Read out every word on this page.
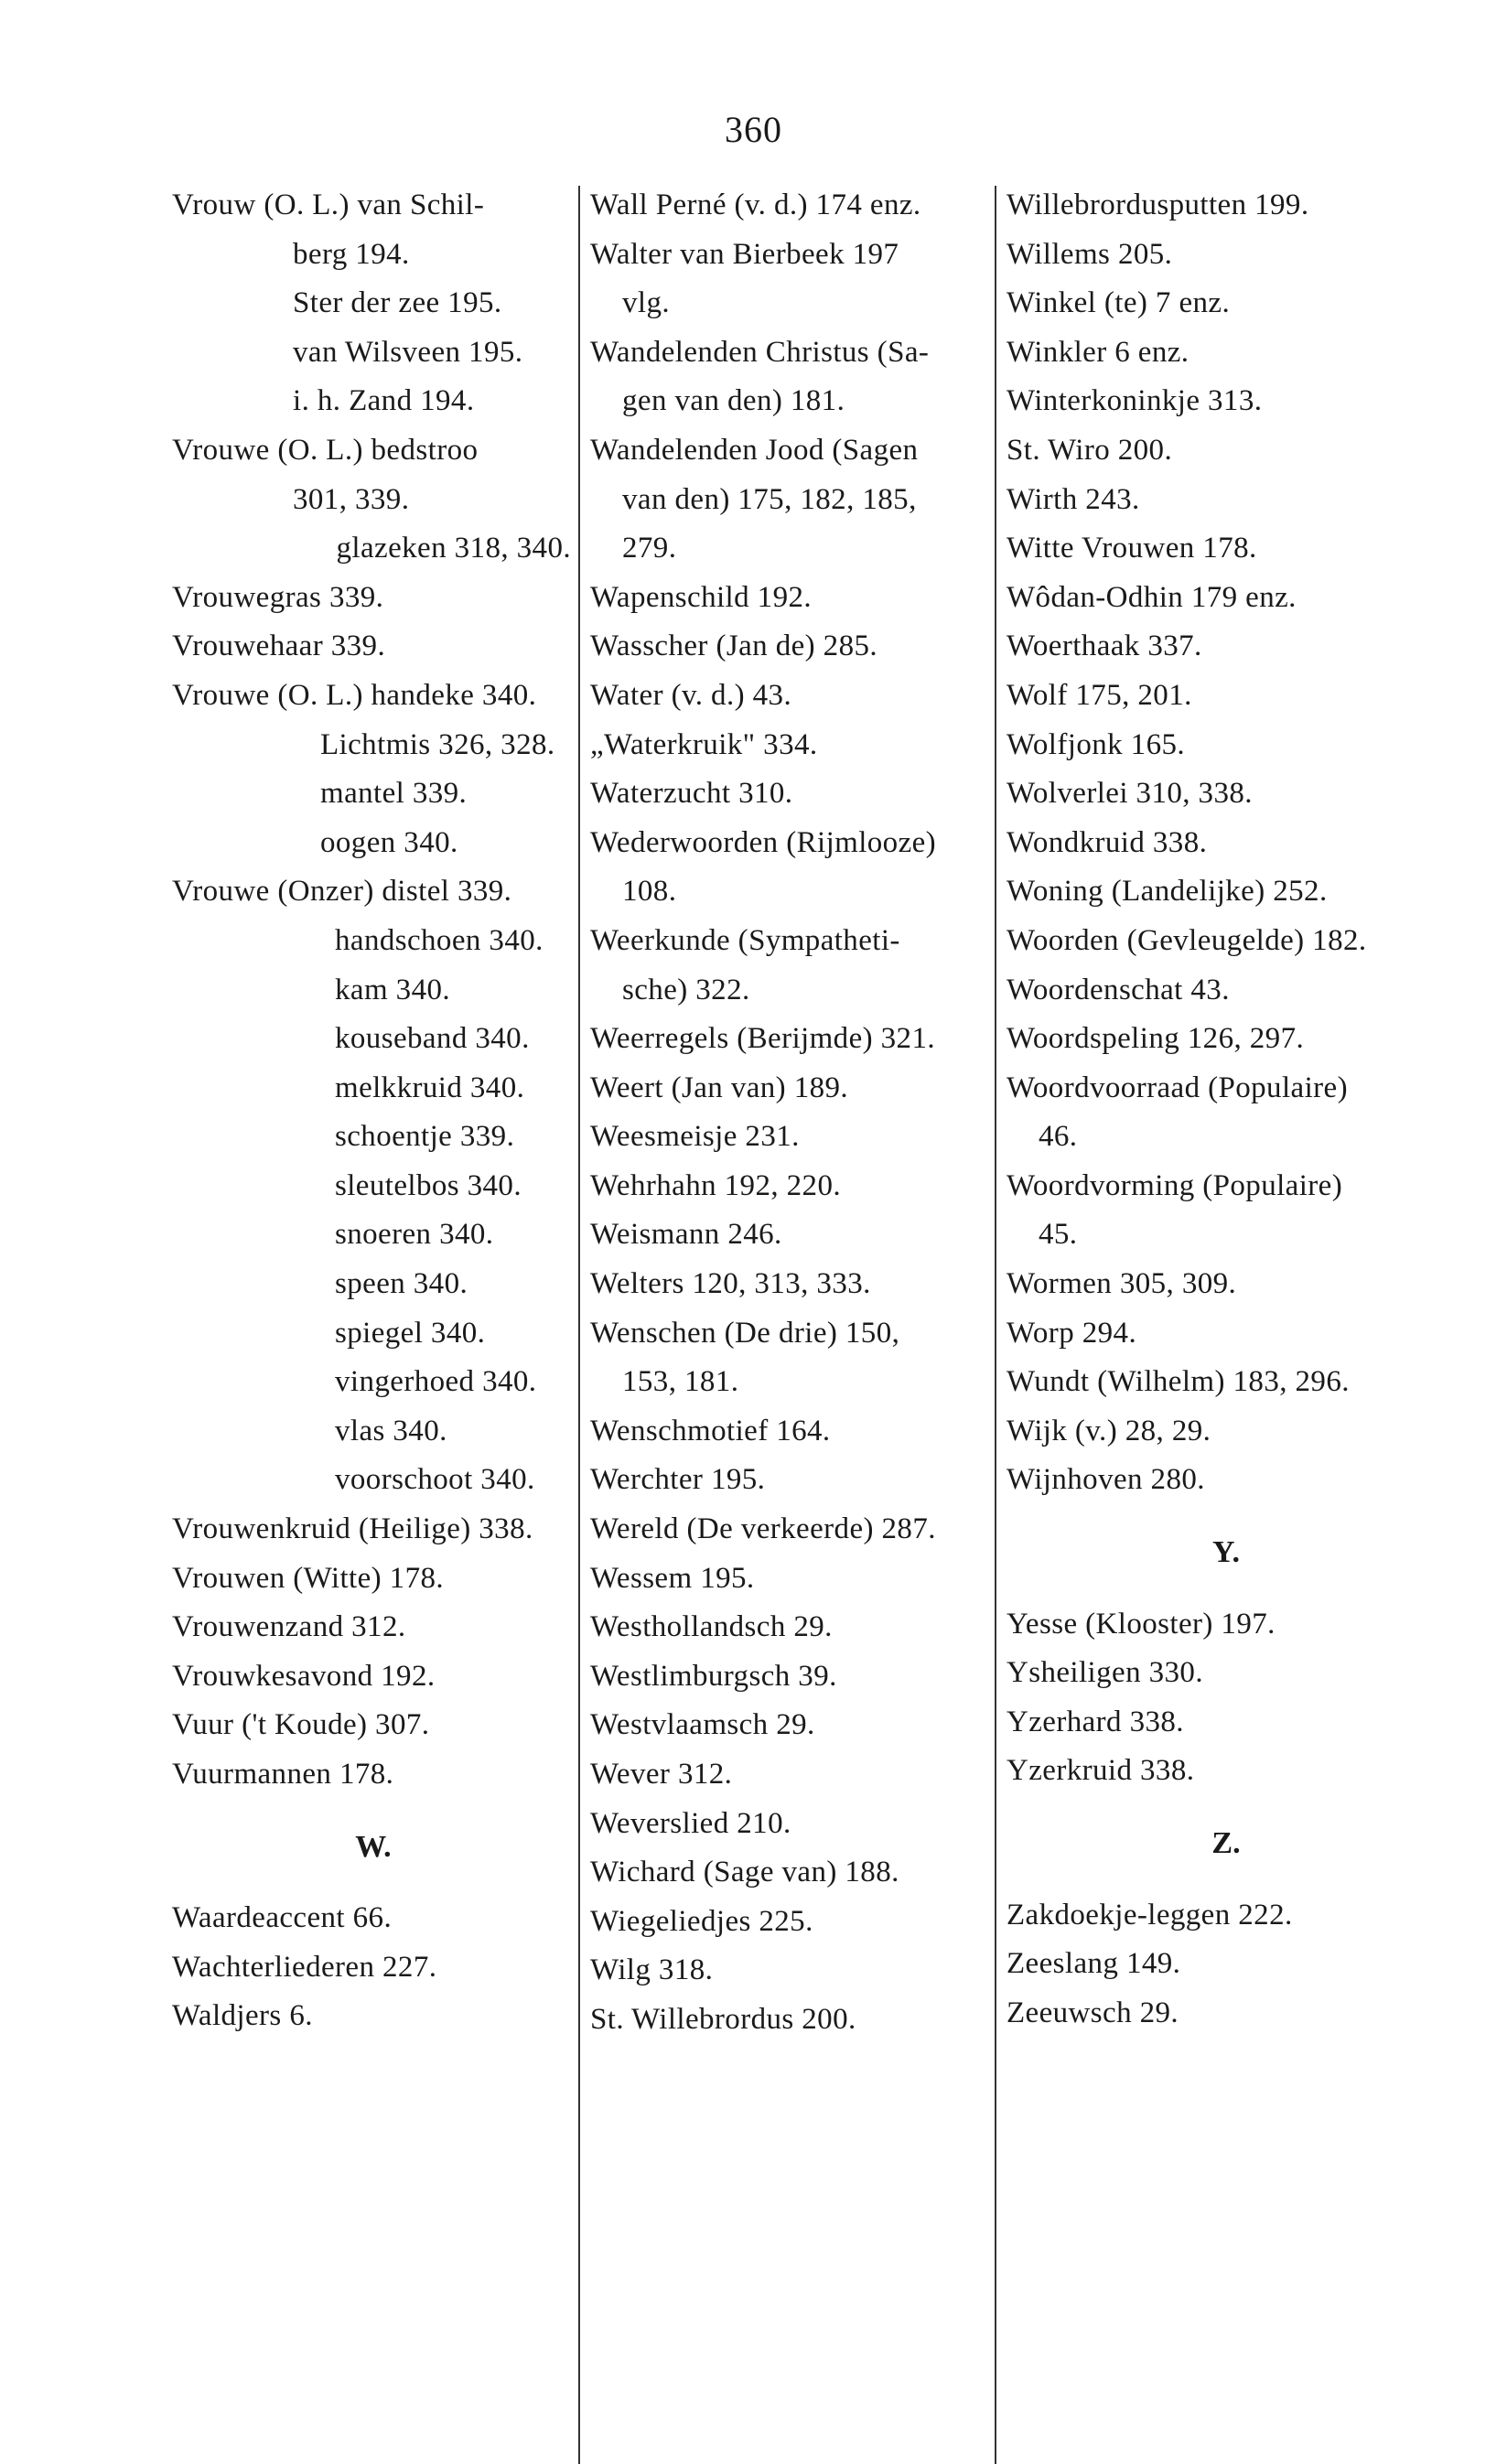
360
Vrouw (O. L.) van Schil-
berg 194.
Ster der zee 195.
van Wilsveen 195.
i. h. Zand 194.
Vrouwe (O. L.) bedstroo
301, 339.
glazeken 318, 340.
Vrouwegras 339.
Vrouwehaar 339.
Vrouwe (O. L.) handeke 340.
Lichtmis 326, 328.
mantel 339.
oogen 340.
Vrouwe (Onzer) distel 339.
handschoen 340.
kam 340.
kouseband 340.
melkkruid 340.
schoentje 339.
sleutelbos 340.
snoeren 340.
speen 340.
spiegel 340.
vingerhoed 340.
vlas 340.
voorschoot 340.
Vrouwenkruid (Heilige) 338.
Vrouwen (Witte) 178.
Vrouwenzand 312.
Vrouwkesavond 192.
Vuur ('t Koude) 307.
Vuurmannen 178.
W.
Waardeaccent 66.
Wachterliederen 227.
Waldjers 6.
Wall Perné (v. d.) 174 enz.
Walter van Bierbeek 197
vlg.
Wandelenden Christus (Sa-
gen van den) 181.
Wandelenden Jood (Sagen
van den) 175, 182, 185,
279.
Wapenschild 192.
Wasscher (Jan de) 285.
Water (v. d.) 43.
„Waterkruik" 334.
Waterzucht 310.
Wederwoorden (Rijmlooze)
108.
Weerkunde (Sympatheti-
sche) 322.
Weerregels (Berijmde) 321.
Weert (Jan van) 189.
Weesmeisje 231.
Wehrhahn 192, 220.
Weismann 246.
Welters 120, 313, 333.
Wenschen (De drie) 150,
153, 181.
Wenschmotief 164.
Werchter 195.
Wereld (De verkeerde) 287.
Wessem 195.
Westhollandsch 29.
Westlimburgsch 39.
Westvlaamsch 29.
Wever 312.
Weverslied 210.
Wichard (Sage van) 188.
Wiegeliedjes 225.
Wilg 318.
St. Willebrordus 200.
Willebrordusputten 199.
Willems 205.
Winkel (te) 7 enz.
Winkler 6 enz.
Winterkoninkje 313.
St. Wiro 200.
Wirth 243.
Witte Vrouwen 178.
Wôdan-Odhin 179 enz.
Woerthaak 337.
Wolf 175, 201.
Wolfjonk 165.
Wolverlei 310, 338.
Wondkruid 338.
Woning (Landelijke) 252.
Woorden (Gevleugelde) 182.
Woordenschat 43.
Woordspeling 126, 297.
Woordvoorraad (Populaire)
46.
Woordvorming (Populaire)
45.
Wormen 305, 309.
Worp 294.
Wundt (Wilhelm) 183, 296.
Wijk (v.) 28, 29.
Wijnhoven 280.
Y.
Yesse (Klooster) 197.
Ysheiligen 330.
Yzerhard 338.
Yzerkruid 338.
Z.
Zakdoekje-leggen 222.
Zeeslang 149.
Zeeuwsch 29.
